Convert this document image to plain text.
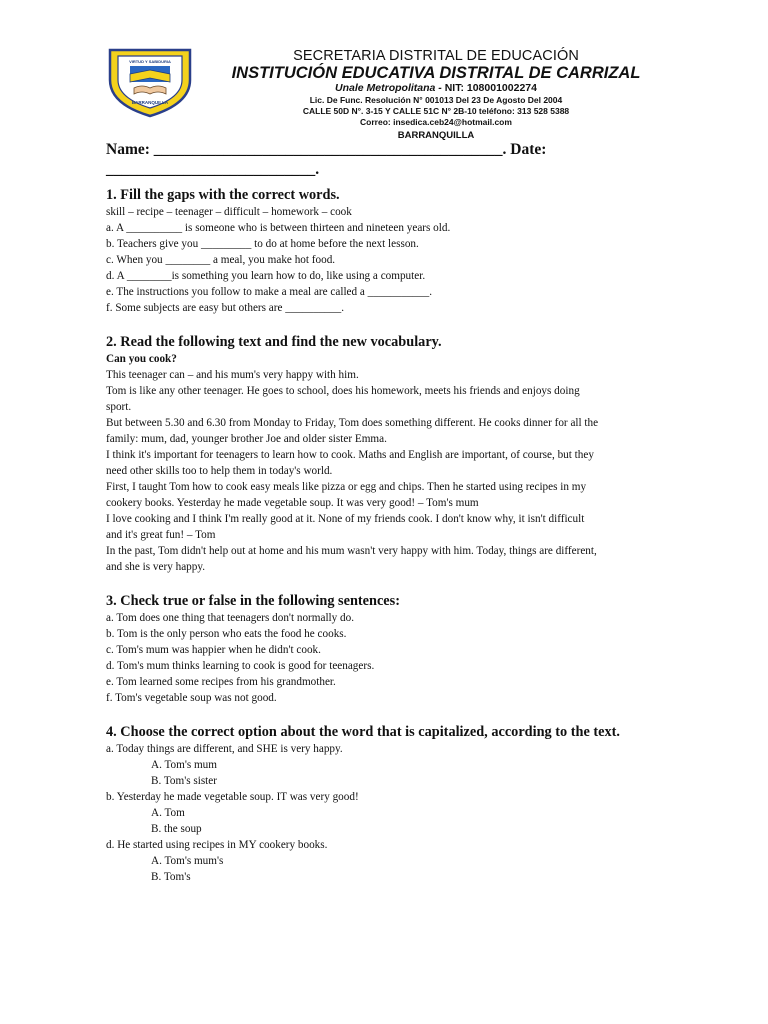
VIRTUD Y SABIDURIA
BARRANQUILLA
SECRETARIA DISTRITAL DE EDUCACIÓN
INSTITUCIÓN EDUCATIVA DISTRITAL DE CARRIZAL
Unale Metropolitana - NIT: 108001002274
Lic. De Func. Resolución N° 001013 Del 23 De Agosto Del 2004
CALLE 50D N°. 3-15 Y CALLE 51C N° 2B-10 teléfono: 313 528 5388
Correo: insedica.ceb24@hotmail.com
BARRANQUILLA
Name: _____________________________________________. Date:
___________________________.

1. Fill the gaps with the correct words.

skill – recipe – teenager – difficult – homework – cook

a. A __________ is someone who is between thirteen and nineteen years old.

b. Teachers give you _________ to do at home before the next lesson.

c. When you ________ a meal, you make hot food.

d. A ________is something you learn how to do, like using a computer.

e. The instructions you follow to make a meal are called a ___________.

f. Some subjects are easy but others are __________.

2. Read the following text and find the new vocabulary.

Can you cook?

This teenager can – and his mum's very happy with him.

Tom is like any other teenager. He goes to school, does his homework, meets his friends and enjoys doing

sport.

But between 5.30 and 6.30 from Monday to Friday, Tom does something different. He cooks dinner for all the

family: mum, dad, younger brother Joe and older sister Emma.

I think it's important for teenagers to learn how to cook. Maths and English are important, of course, but they

need other skills too to help them in today's world.

First, I taught Tom how to cook easy meals like pizza or egg and chips. Then he started using recipes in my

cookery books. Yesterday he made vegetable soup. It was very good! – Tom's mum

I love cooking and I think I'm really good at it. None of my friends cook. I don't know why, it isn't difficult

and it's great fun! – Tom

In the past, Tom didn't help out at home and his mum wasn't very happy with him. Today, things are different,

and she is very happy.

3. Check true or false in the following sentences:

a. Tom does one thing that teenagers don't normally do.

b. Tom is the only person who eats the food he cooks.

c. Tom's mum was happier when he didn't cook.

d. Tom's mum thinks learning to cook is good for teenagers.

e. Tom learned some recipes from his grandmother.

f. Tom's vegetable soup was not good.

4. Choose the correct option about the word that is capitalized, according to the text.

a. Today things are different, and SHE is very happy.

A. Tom's mum

B. Tom's sister

b. Yesterday he made vegetable soup. IT was very good!

A. Tom

B. the soup

d. He started using recipes in MY cookery books.

A. Tom's mum's

B. Tom's
